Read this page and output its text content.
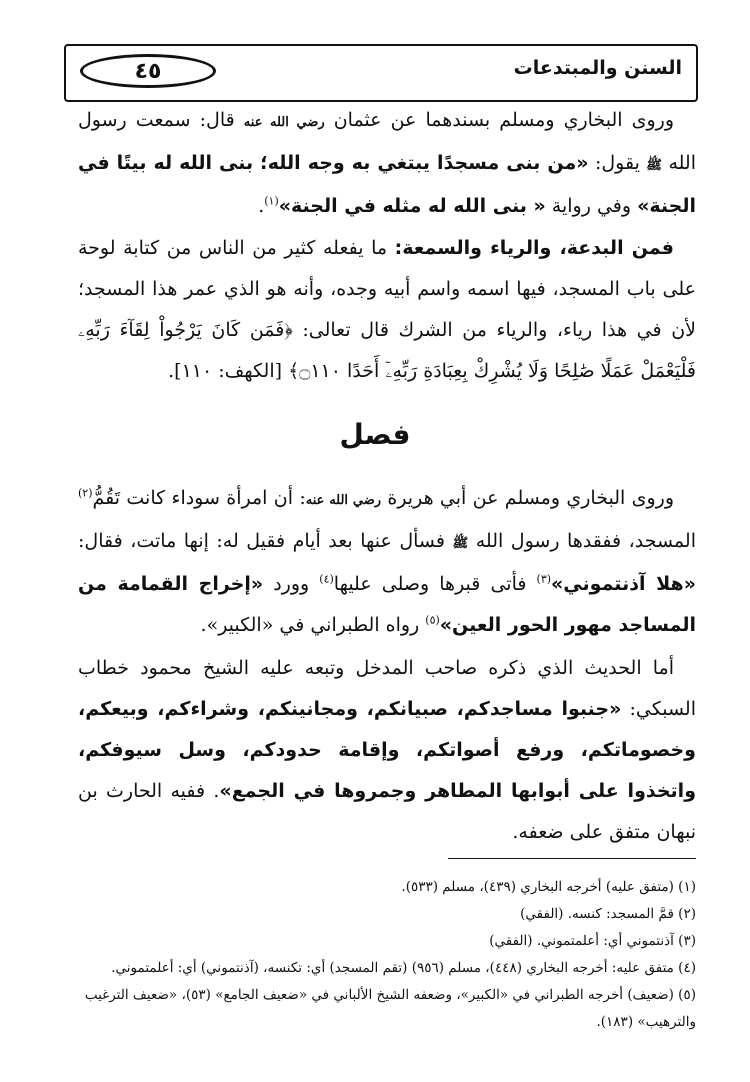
السنن والمبتدعات
٤٥

وروى البخاري ومسلم بسندهما عن عثمان رضي الله عنه قال: سمعت رسول الله ﷺ يقول: «من بنى مسجدًا يبتغي به وجه الله؛ بنى الله له بيتًا في الجنة» وفي رواية « بنى الله له مثله في الجنة»$^{(١)}$.

فمن البدعة، والرياء والسمعة: ما يفعله كثير من الناس من كتابة لوحة على باب المسجد، فيها اسمه واسم أبيه وجده، وأنه هو الذي عمر هذا المسجد؛ لأن في هذا رياء، والرياء من الشرك قال تعالى: ﴿فَمَن كَانَ يَرْجُواْ لِقَآءَ رَبِّهِۦ فَلْيَعْمَلْ عَمَلًا صَٰلِحًا وَلَا يُشْرِكْ بِعِبَادَةِ رَبِّهِۦٓ أَحَدًا ۝١١٠﴾ [الكهف: ١١٠].

فصل

وروى البخاري ومسلم عن أبي هريرة رضي الله عنه: أن امرأة سوداء كانت تَقُمُّ$^{(٢)}$ المسجد، ففقدها رسول الله ﷺ فسأل عنها بعد أيام فقيل له: إنها ماتت، فقال: «هلا آذنتموني»$^{(٣)}$ فأتى قبرها وصلى عليها$^{(٤)}$ وورد «إخراج القمامة من المساجد مهور الحور العين»$^{(٥)}$ رواه الطبراني في «الكبير».

أما الحديث الذي ذكره صاحب المدخل وتبعه عليه الشيخ محمود خطاب السبكي: «جنبوا مساجدكم، صبيانكم، ومجانينكم، وشراءكم، وبيعكم، وخصوماتكم، ورفع أصواتكم، وإقامة حدودكم، وسل سيوفكم، واتخذوا على أبوابها المطاهر وجمروها في الجمع». ففيه الحارث بن نبهان متفق على ضعفه.

(١) (متفق عليه) أخرجه البخاري (٤٣٩)، مسلم (٥٣٣).

(٢) قمَّ المسجد: كنسه. (الفقي)

(٣) آذنتموني أي: أعلمتموني. (الفقي)

(٤) متفق عليه: أخرجه البخاري (٤٤٨)، مسلم (٩٥٦) (تقم المسجد) أي: تكنسه، (آذنتموني) أي: أعلمتموني.

(٥) (ضعيف) أخرجه الطبراني في «الكبير»، وضعفه الشيخ الألباني في «ضعيف الجامع» (٥٣)، «ضعيف الترغيب والترهيب» (١٨٣).
